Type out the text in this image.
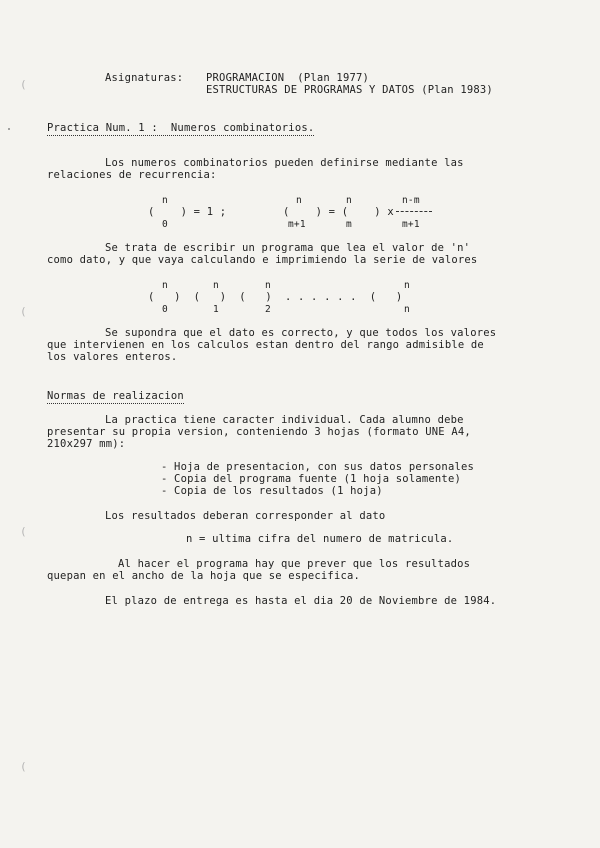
(
(
(
(
Asignaturas: PROGRAMACION  (Plan 1977)
ESTRUCTURAS DE PROGRAMAS Y DATOS (Plan 1983)
Practica Num. 1 :  Numeros combinatorios.
Los numeros combinatorios pueden definirse mediante las
relaciones de recurrencia:
n
(    ) = 1 ;
0
n	n
(    ) = (    ) x
m+1	m
n-m
m+1
Se trata de escribir un programa que lea el valor de 'n'
como dato, y que vaya calculando e imprimiendo la serie de valores
n	n	n	n
(   )  (   )  (   )  . . . . . .  (   )
0	1	2	n
Se supondra que el dato es correcto, y que todos los valores
que intervienen en los calculos estan dentro del rango admisible de
los valores enteros.
Normas de realizacion
La practica tiene caracter individual. Cada alumno debe
presentar su propia version, conteniendo 3 hojas (formato UNE A4,
210x297 mm):
- Hoja de presentacion, con sus datos personales
- Copia del programa fuente (1 hoja solamente)
- Copia de los resultados (1 hoja)
Los resultados deberan corresponder al dato
n = ultima cifra del numero de matricula.
Al hacer el programa hay que prever que los resultados
quepan en el ancho de la hoja que se especifica.
El plazo de entrega es hasta el dia 20 de Noviembre de 1984.
